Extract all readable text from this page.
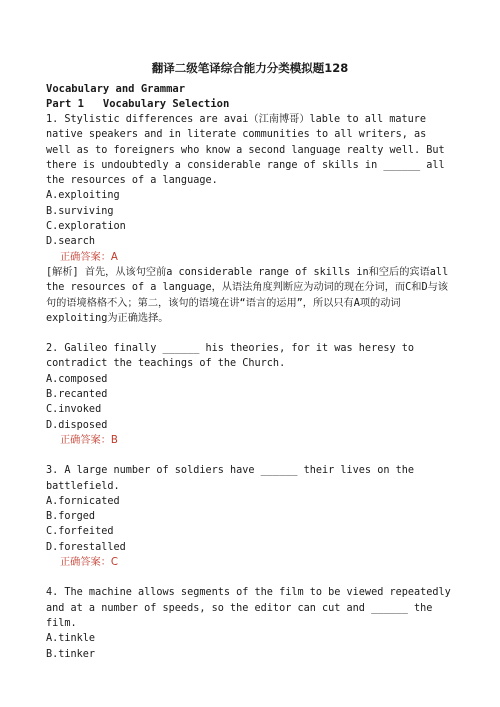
翻译二级笔译综合能力分类模拟题128
Vocabulary and Grammar
Part 1   Vocabulary Selection

1. Stylistic differences are avai（江南博哥）lable to all mature native speakers and in literate communities to all writers, as well as to foreigners who know a second language realty well. But there is undoubtedly a considerable range of skills in ______ all the resources of a language.

A.exploiting

B.surviving

C.exploration

D.search

正确答案：A

[解析] 首先，从该句空前a considerable range of skills in和空后的宾语all the resources of a language，从语法角度判断应为动词的现在分词，而C和D与该句的语境格格不入；第二，该句的语境在讲“语言的运用”，所以只有A项的动词exploiting为正确选择。

2. Galileo finally ______ his theories, for it was heresy to contradict the teachings of the Church.

A.composed

B.recanted

C.invoked

D.disposed

正确答案：B

3. A large number of soldiers have ______ their lives on the battlefield.

A.fornicated

B.forged

C.forfeited

D.forestalled

正确答案：C

4. The machine allows segments of the film to be viewed repeatedly and at a number of speeds, so the editor can cut and ______ the film.

A.tinkle

B.tinker
